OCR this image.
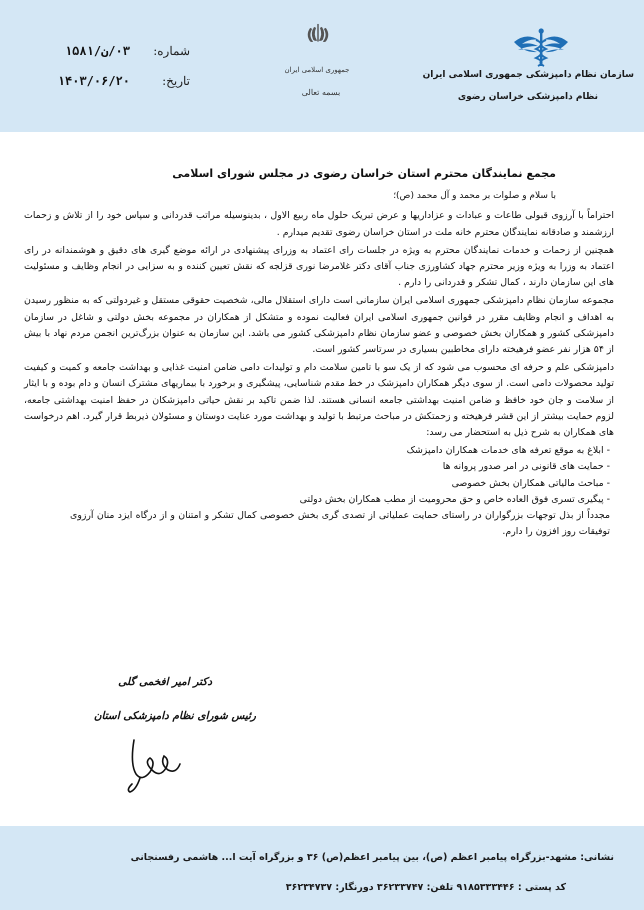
سازمان نظام دامپزشکی جمهوری اسلامی ایران
نظام دامپزشکی خراسان رضوی
جمهوری اسلامی ایران
بسمه تعالی
شماره:
۰۳/ن/۱۵۸۱
تاریخ:
۱۴۰۳/۰۶/۲۰
مجمع نمایندگان محترم استان خراسان رضوی در مجلس شورای اسلامی
با سلام و صلوات بر محمد و آل محمد (ص)؛

احتراماً با آرزوی قبولی طاعات و عبادات و عزاداریها و عرض تبریک حلول ماه ربیع الاول ، بدینوسیله مراتب قدردانی و سپاس خود را از تلاش و زحمات ارزشمند و صادقانه نمایندگان محترم خانه ملت در استان خراسان رضوی تقدیم میدارم .

همچنین از زحمات و خدمات نمایندگان محترم به ویژه در جلسات رای اعتماد به وزرای پیشنهادی در ارائه موضع گیری های دقیق و هوشمندانه در رای اعتماد به وزرا به ویژه وزیر محترم جهاد کشاورزی جناب آقای دکتر غلامرضا نوری قزلجه که نقش تعیین کننده و به سزایی در انجام وظایف و مسئولیت های این سازمان دارند ، کمال تشکر و قدردانی را دارم .

مجموعه سازمان نظام دامپزشکی جمهوری اسلامی ایران سازمانی است دارای استقلال مالی، شخصیت حقوقی مستقل و غیردولتی که به منظور رسیدن به اهداف و انجام وظایف مقرر در قوانین جمهوری اسلامی ایران فعالیت نموده و متشکل از همکاران در مجموعه بخش دولتی و شاغل در سازمان دامپزشکی کشور و همکاران بخش خصوصی و عضو سازمان نظام دامپزشکی کشور می باشد. این سازمان به عنوان بزرگ‌ترین انجمن مردم نهاد با بیش از ۵۴ هزار نفر عضو فرهیخته دارای مخاطبین بسیاری در سرتاسر کشور است.

دامپزشکی علم و حرفه ای محسوب می شود که از یک سو با تامین سلامت دام و تولیدات دامی ضامن امنیت غذایی و بهداشت جامعه و کمیت و کیفیت تولید محصولات دامی است. از سوی دیگر همکاران دامپزشک در خط مقدم شناسایی، پیشگیری و برخورد با بیماریهای مشترک انسان و دام بوده و با ایثار از سلامت و جان خود خافظ و ضامن امنیت بهداشتی جامعه انسانی هستند. لذا ضمن تاکید بر نقش حیاتی دامپزشکان در حفظ امنیت بهداشتی جامعه، لزوم حمایت بیشتر از این قشر فرهیخته و زحمتکش در مباحث مرتبط با تولید و بهداشت مورد عنایت دوستان و مسئولان ذیربط قرار گیرد. اهم درخواست های همکاران به شرح ذیل به استحضار می رسد:

- ابلاغ به موقع تعرفه های خدمات همکاران دامپزشک
- حمایت های قانونی در امر صدور پروانه ها
- مباحث مالیاتی همکاران بخش خصوصی
- پیگیری تسری فوق العاده خاص و حق محرومیت از مطب همکاران بخش دولتی

مجدداً از بذل توجهات بزرگواران در راستای حمایت عملیاتی از تصدی گری بخش خصوصی کمال تشکر و امتنان و از درگاه ایزد منان آرزوی توفیقات روز افزون را دارم.

دکتر امیر افخمی گلی
رئیس شورای نظام دامپزشکی استان
نشانی: مشهد-بزرگراه پیامبر اعظم (ص)، بین پیامبر اعظم(ص) ۳۶ و بزرگراه آیت ا... هاشمی رفسنجانی
کد پستی : ۹۱۸۵۳۳۳۴۴۶ تلفن: ۳۶۲۳۳۷۴۷ دورنگار: ۳۶۲۳۴۷۳۷
